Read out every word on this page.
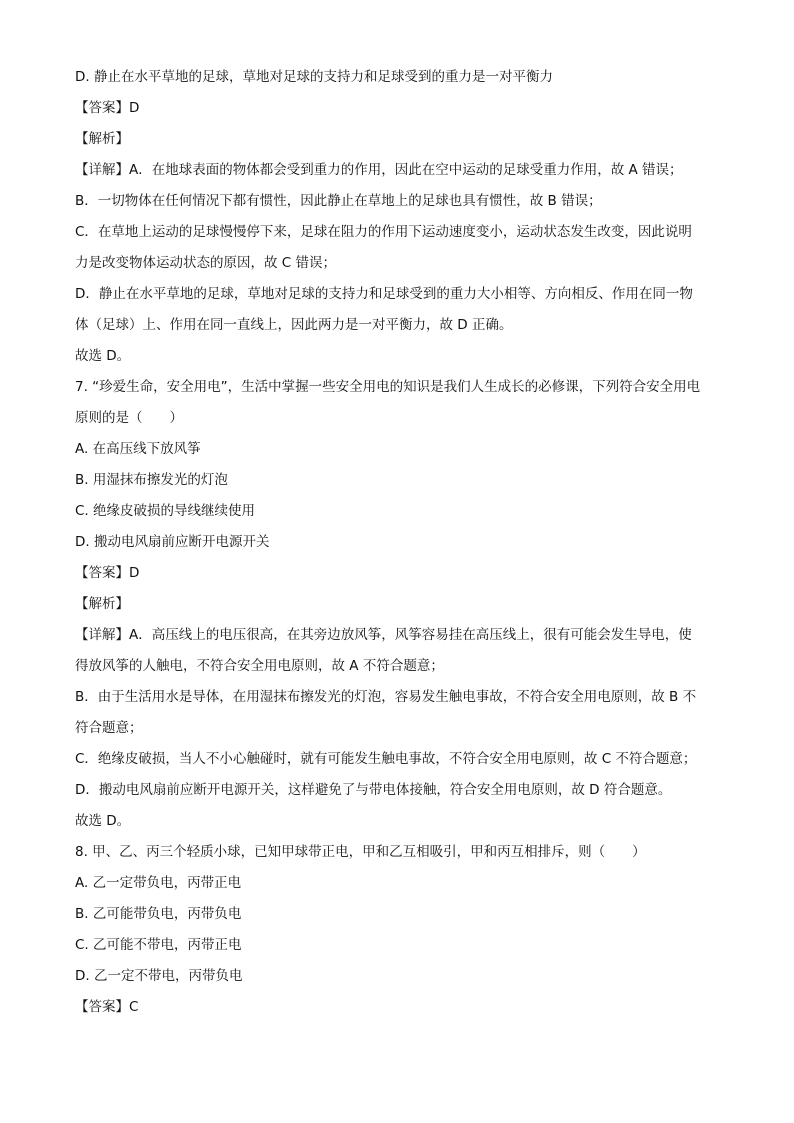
D. 静止在水平草地的足球，草地对足球的支持力和足球受到的重力是一对平衡力
【答案】D
【解析】
【详解】A．在地球表面的物体都会受到重力的作用，因此在空中运动的足球受重力作用，故 A 错误；
B．一切物体在任何情况下都有惯性，因此静止在草地上的足球也具有惯性，故 B 错误；
C．在草地上运动的足球慢慢停下来，足球在阻力的作用下运动速度变小，运动状态发生改变，因此说明
力是改变物体运动状态的原因，故 C 错误；
D．静止在水平草地的足球，草地对足球的支持力和足球受到的重力大小相等、方向相反、作用在同一物
体（足球）上、作用在同一直线上，因此两力是一对平衡力，故 D 正确。
故选 D。
7. “珍爱生命，安全用电”，生活中掌握一些安全用电的知识是我们人生成长的必修课，下列符合安全用电
原则的是（　　）
A. 在高压线下放风筝
B. 用湿抹布擦发光的灯泡
C. 绝缘皮破损的导线继续使用
D. 搬动电风扇前应断开电源开关
【答案】D
【解析】
【详解】A．高压线上的电压很高，在其旁边放风筝，风筝容易挂在高压线上，很有可能会发生导电，使
得放风筝的人触电，不符合安全用电原则，故 A 不符合题意；
B．由于生活用水是导体，在用湿抹布擦发光的灯泡，容易发生触电事故，不符合安全用电原则，故 B 不
符合题意；
C．绝缘皮破损，当人不小心触碰时，就有可能发生触电事故，不符合安全用电原则，故 C 不符合题意；
D．搬动电风扇前应断开电源开关，这样避免了与带电体接触，符合安全用电原则，故 D 符合题意。
故选 D。
8. 甲、乙、丙三个轻质小球，已知甲球带正电，甲和乙互相吸引，甲和丙互相排斥，则（　　）
A. 乙一定带负电，丙带正电
B. 乙可能带负电，丙带负电
C. 乙可能不带电，丙带正电
D. 乙一定不带电，丙带负电
【答案】C
